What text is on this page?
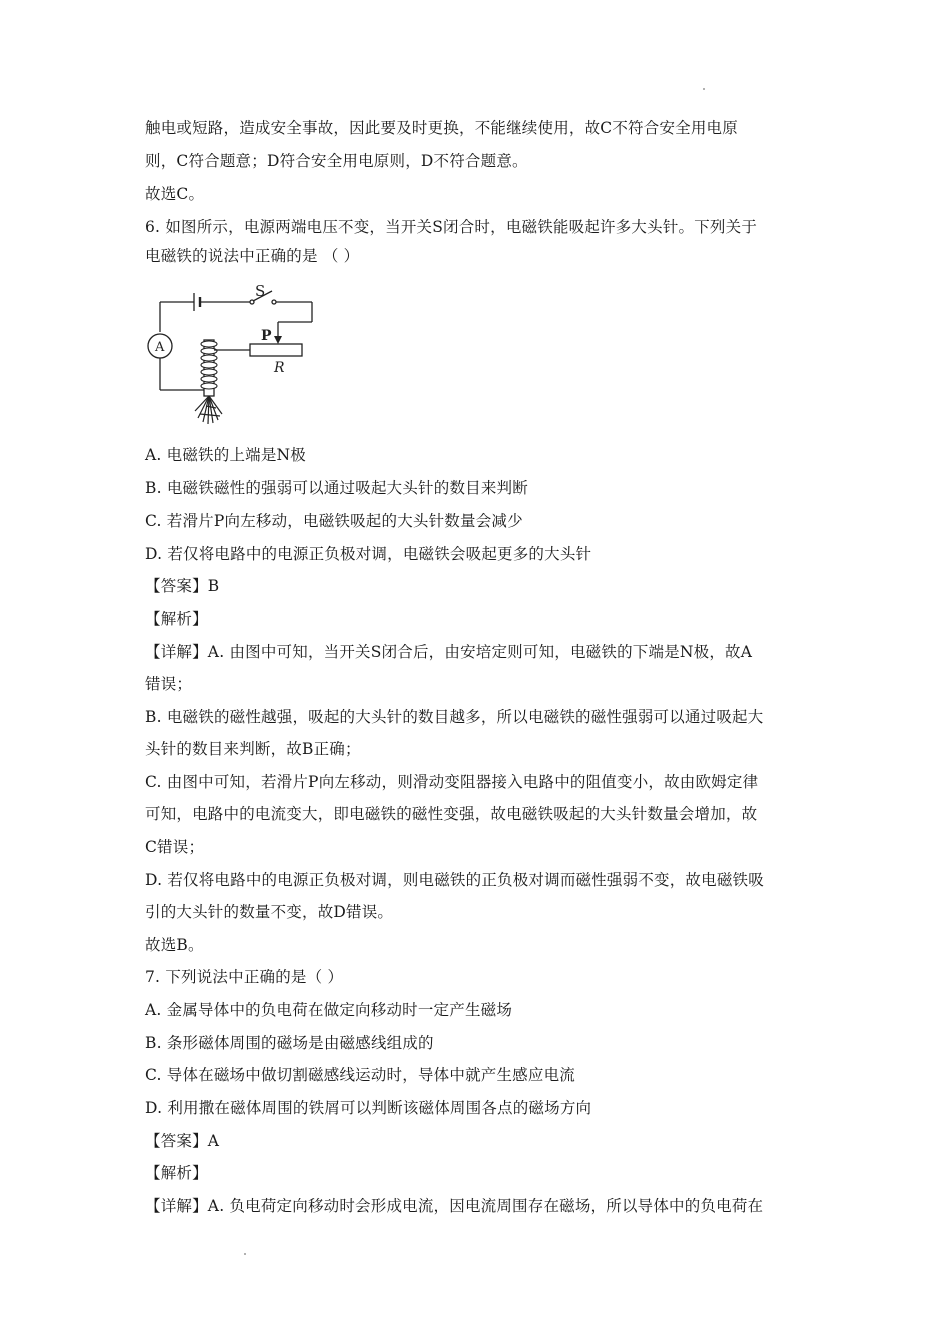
触电或短路，造成安全事故，因此要及时更换，不能继续使用，故C不符合安全用电原
则，C符合题意；D符合安全用电原则，D不符合题意。
故选C。
6. 如图所示，电源两端电压不变，当开关S闭合时，电磁铁能吸起许多大头针。下列关于
电磁铁的说法中正确的是 （ ）
S
A
P
R
A. 电磁铁的上端是N极
B. 电磁铁磁性的强弱可以通过吸起大头针的数目来判断
C. 若滑片P向左移动，电磁铁吸起的大头针数量会减少
D. 若仅将电路中的电源正负极对调，电磁铁会吸起更多的大头针
【答案】B
【解析】
【详解】A. 由图中可知，当开关S闭合后，由安培定则可知，电磁铁的下端是N极，故A
错误；
B. 电磁铁的磁性越强，吸起的大头针的数目越多，所以电磁铁的磁性强弱可以通过吸起大
头针的数目来判断，故B正确；
C. 由图中可知，若滑片P向左移动，则滑动变阻器接入电路中的阻值变小，故由欧姆定律
可知，电路中的电流变大，即电磁铁的磁性变强，故电磁铁吸起的大头针数量会增加，故
C错误；
D. 若仅将电路中的电源正负极对调，则电磁铁的正负极对调而磁性强弱不变，故电磁铁吸
引的大头针的数量不变，故D错误。
故选B。
7. 下列说法中正确的是（ ）
A. 金属导体中的负电荷在做定向移动时一定产生磁场
B. 条形磁体周围的磁场是由磁感线组成的
C. 导体在磁场中做切割磁感线运动时，导体中就产生感应电流
D. 利用撒在磁体周围的铁屑可以判断该磁体周围各点的磁场方向
【答案】A
【解析】
【详解】A. 负电荷定向移动时会形成电流，因电流周围存在磁场，所以导体中的负电荷在
